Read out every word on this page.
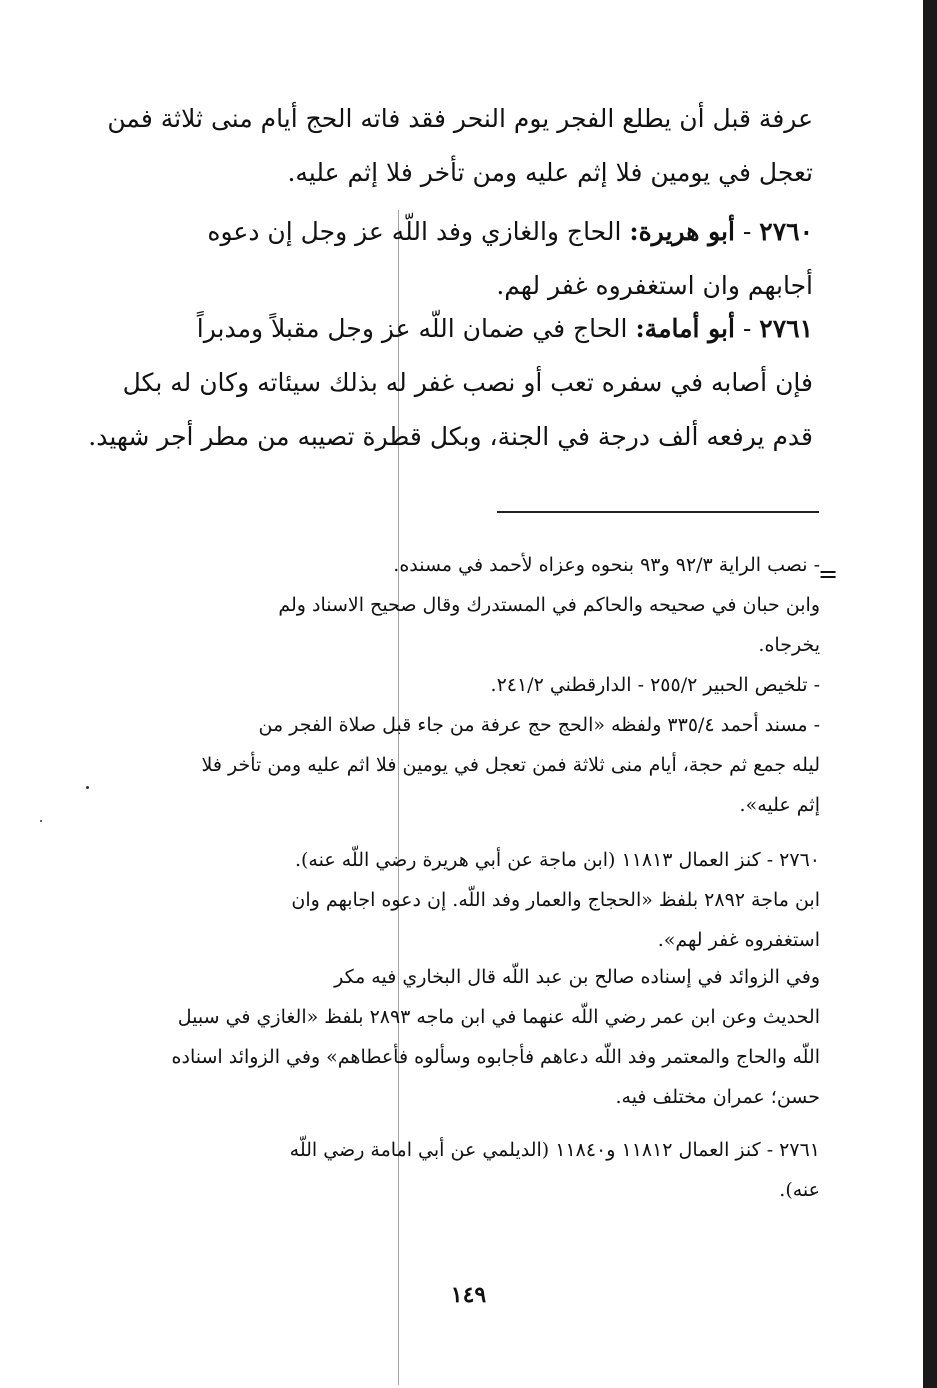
عرفة قبل أن يطلع الفجر يوم النحر فقد فاته الحج أيام منى ثلاثة فمن
تعجل في يومين فلا إثم عليه ومن تأخر فلا إثم عليه.
٢٧٦٠ - أبو هريرة: الحاج والغازي وفد اللّه عز وجل إن دعوه
أجابهم وان استغفروه غفر لهم.
٢٧٦١ - أبو أمامة: الحاج في ضمان اللّه عز وجل مقبلاً ومدبراً
فإن أصابه في سفره تعب أو نصب غفر له بذلك سيئاته وكان له بكل
قدم يرفعه ألف درجة في الجنة، وبكل قطرة تصيبه من مطر أجر شهيد.
=
- نصب الراية ٩٢/٣ و٩٣ بنحوه وعزاه لأحمد في مسنده.
وابن حبان في صحيحه والحاكم في المستدرك وقال صحيح الاسناد ولم
يخرجاه.
- تلخيص الحبير ٢٥٥/٢ - الدارقطني ٢٤١/٢.
- مسند أحمد ٣٣٥/٤ ولفظه «الحج حج عرفة من جاء قبل صلاة الفجر من
ليله جمع ثم حجة، أيام منى ثلاثة فمن تعجل في يومين فلا اثم عليه ومن تأخر فلا
إثم عليه».
٢٧٦٠ - كنز العمال ١١٨١٣ (ابن ماجة عن أبي هريرة رضي اللّه عنه).
ابن ماجة ٢٨٩٢ بلفظ «الحجاج والعمار وفد اللّه. إن دعوه اجابهم وان
استغفروه غفر لهم».
وفي الزوائد في إسناده صالح بن عبد اللّه قال البخاري فيه مكر
الحديث وعن ابن عمر رضي اللّه عنهما في ابن ماجه ٢٨٩٣ بلفظ «الغازي في سبيل
اللّه والحاج والمعتمر وفد اللّه دعاهم فأجابوه وسألوه فأعطاهم» وفي الزوائد اسناده
حسن؛ عمران مختلف فيه.
٢٧٦١ - كنز العمال ١١٨١٢ و١١٨٤٠ (الديلمي عن أبي امامة رضي اللّه
عنه).
١٤٩
